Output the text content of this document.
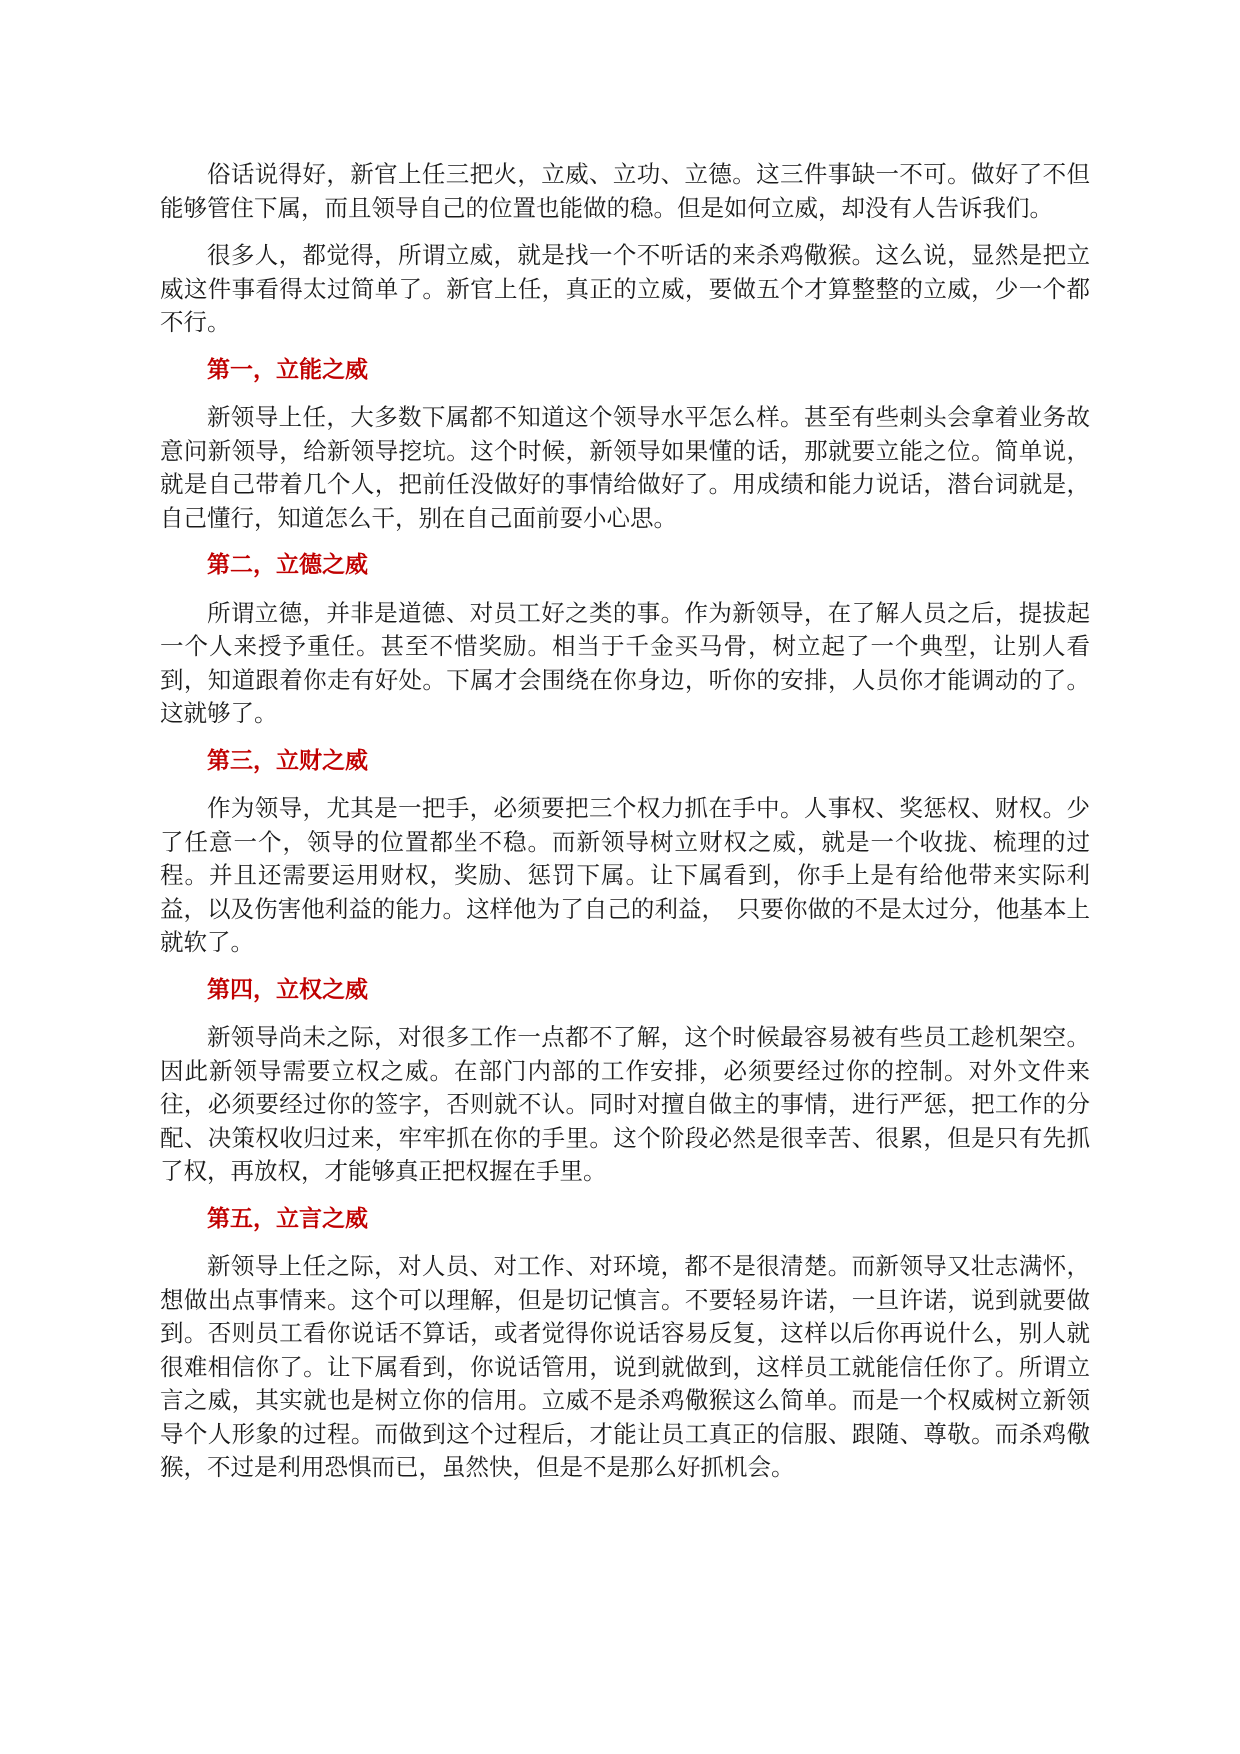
俗话说得好，新官上任三把火，立威、立功、立德。这三件事缺一不可。做好了不但能够管住下属，而且领导自己的位置也能做的稳。但是如何立威，却没有人告诉我们。

很多人，都觉得，所谓立威，就是找一个不听话的来杀鸡儆猴。这么说，显然是把立威这件事看得太过简单了。新官上任，真正的立威，要做五个才算整整的立威，少一个都不行。

第一，立能之威

新领导上任，大多数下属都不知道这个领导水平怎么样。甚至有些刺头会拿着业务故意问新领导，给新领导挖坑。这个时候，新领导如果懂的话，那就要立能之位。简单说，就是自己带着几个人，把前任没做好的事情给做好了。用成绩和能力说话，潜台词就是，自己懂行，知道怎么干，别在自己面前耍小心思。

第二，立德之威

所谓立德，并非是道德、对员工好之类的事。作为新领导，在了解人员之后，提拔起一个人来授予重任。甚至不惜奖励。相当于千金买马骨，树立起了一个典型，让别人看到，知道跟着你走有好处。下属才会围绕在你身边，听你的安排，人员你才能调动的了。这就够了。

第三，立财之威

作为领导，尤其是一把手，必须要把三个权力抓在手中。人事权、奖惩权、财权。少了任意一个，领导的位置都坐不稳。而新领导树立财权之威，就是一个收拢、梳理的过程。并且还需要运用财权，奖励、惩罚下属。让下属看到，你手上是有给他带来实际利益，以及伤害他利益的能力。这样他为了自己的利益，　只要你做的不是太过分，他基本上就软了。

第四，立权之威

新领导尚未之际，对很多工作一点都不了解，这个时候最容易被有些员工趁机架空。因此新领导需要立权之威。在部门内部的工作安排，必须要经过你的控制。对外文件来往，必须要经过你的签字，否则就不认。同时对擅自做主的事情，进行严惩，把工作的分配、决策权收归过来，牢牢抓在你的手里。这个阶段必然是很幸苦、很累，但是只有先抓了权，再放权，才能够真正把权握在手里。

第五，立言之威

新领导上任之际，对人员、对工作、对环境，都不是很清楚。而新领导又壮志满怀，想做出点事情来。这个可以理解，但是切记慎言。不要轻易许诺，一旦许诺，说到就要做到。否则员工看你说话不算话，或者觉得你说话容易反复，这样以后你再说什么，别人就很难相信你了。让下属看到，你说话管用，说到就做到，这样员工就能信任你了。所谓立言之威，其实就也是树立你的信用。立威不是杀鸡儆猴这么简单。而是一个权威树立新领导个人形象的过程。而做到这个过程后，才能让员工真正的信服、跟随、尊敬。而杀鸡儆猴，不过是利用恐惧而已，虽然快，但是不是那么好抓机会。
